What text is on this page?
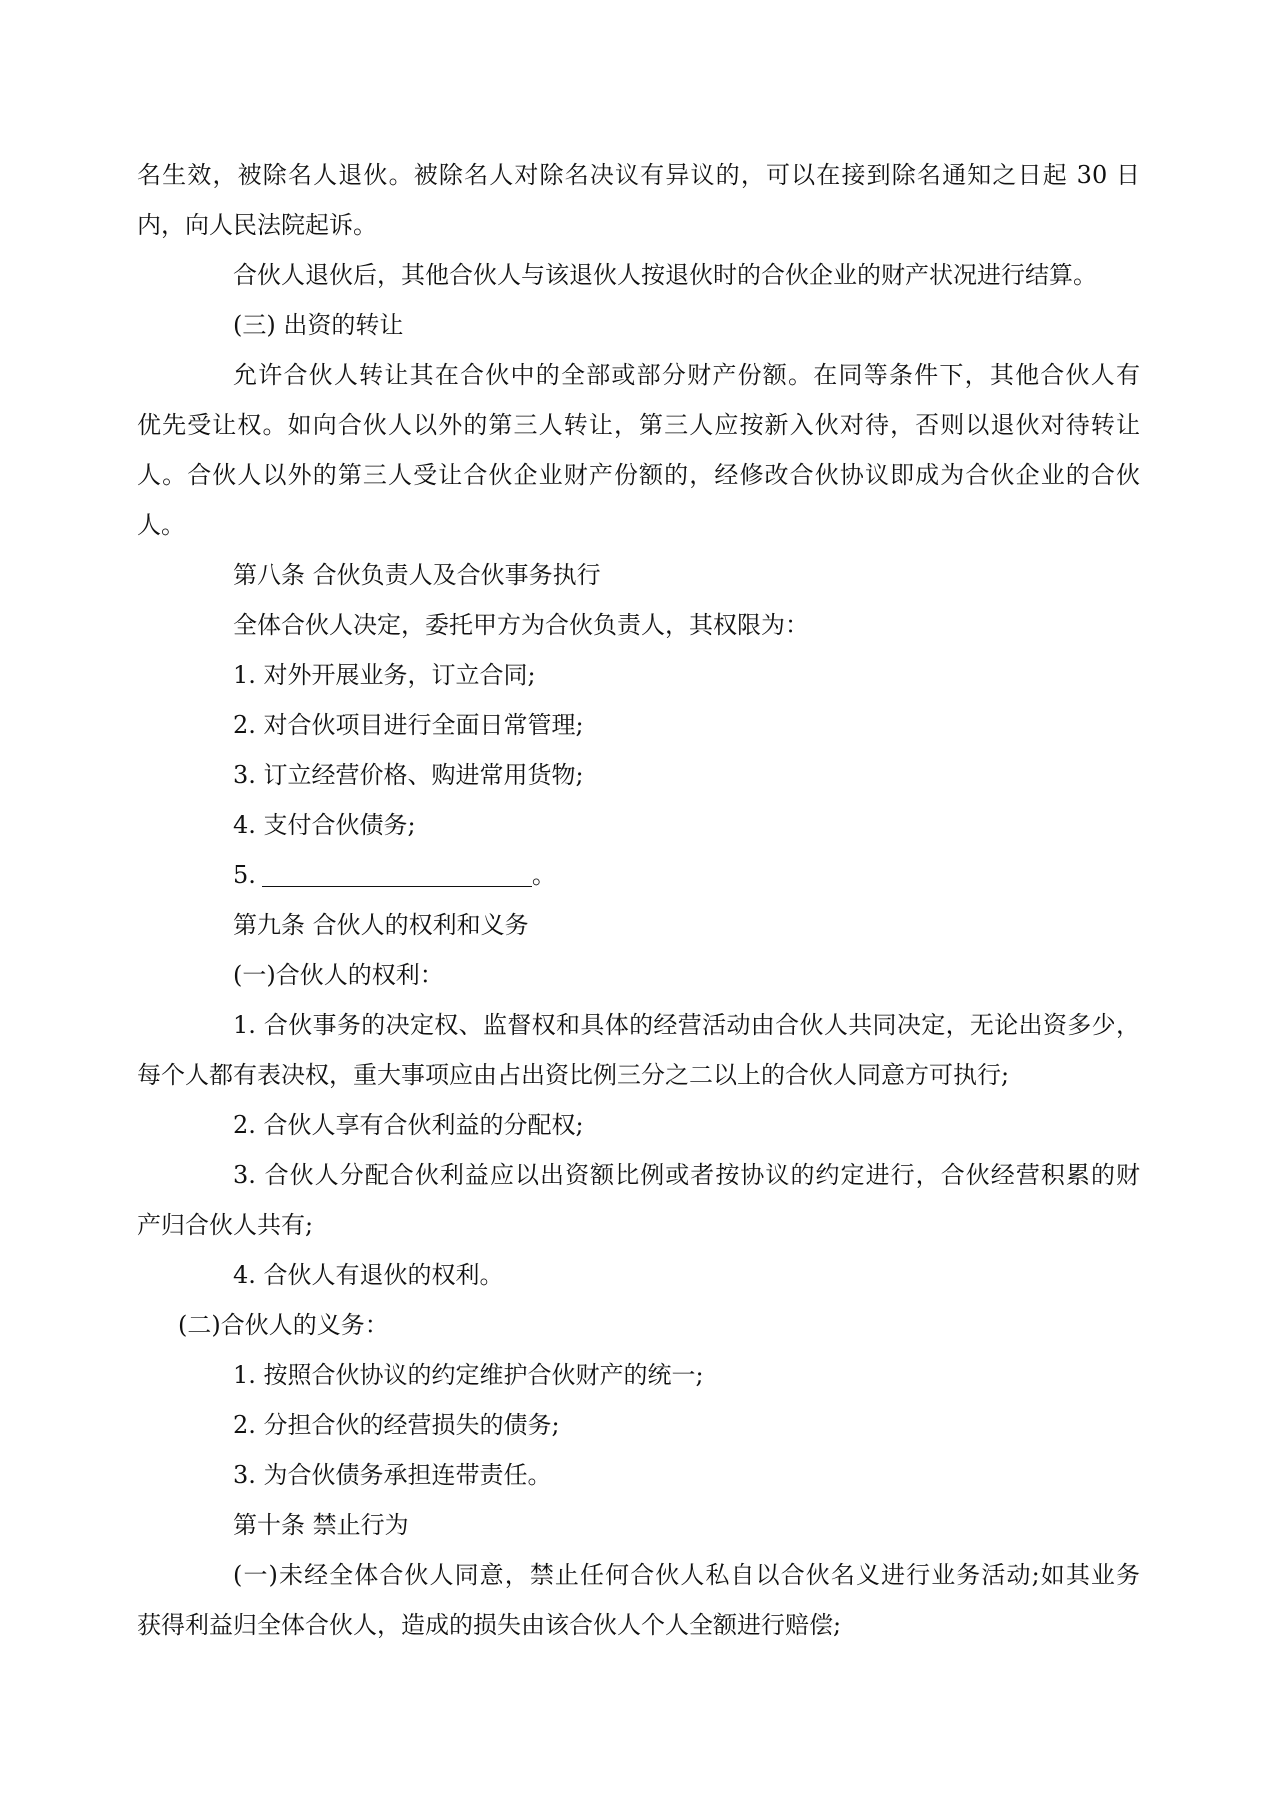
名生效，被除名人退伙。被除名人对除名决议有异议的，可以在接到除名通知之日起 30 日
内，向人民法院起诉。
合伙人退伙后，其他合伙人与该退伙人按退伙时的合伙企业的财产状况进行结算。
(三) 出资的转让
允许合伙人转让其在合伙中的全部或部分财产份额。在同等条件下，其他合伙人有
优先受让权。如向合伙人以外的第三人转让，第三人应按新入伙对待，否则以退伙对待转让
人。合伙人以外的第三人受让合伙企业财产份额的，经修改合伙协议即成为合伙企业的合伙
人。
第八条 合伙负责人及合伙事务执行
全体合伙人决定，委托甲方为合伙负责人，其权限为：
1. 对外开展业务，订立合同;
2. 对合伙项目进行全面日常管理;
3. 订立经营价格、购进常用货物;
4. 支付合伙债务;
5.	。
第九条 合伙人的权利和义务
(一)合伙人的权利：
1. 合伙事务的决定权、监督权和具体的经营活动由合伙人共同决定，无论出资多少，
每个人都有表决权，重大事项应由占出资比例三分之二以上的合伙人同意方可执行;
2. 合伙人享有合伙利益的分配权;
3. 合伙人分配合伙利益应以出资额比例或者按协议的约定进行，合伙经营积累的财
产归合伙人共有;
4. 合伙人有退伙的权利。
(二)合伙人的义务：
1. 按照合伙协议的约定维护合伙财产的统一;
2. 分担合伙的经营损失的债务;
3. 为合伙债务承担连带责任。
第十条 禁止行为
(一)未经全体合伙人同意，禁止任何合伙人私自以合伙名义进行业务活动;如其业务
获得利益归全体合伙人，造成的损失由该合伙人个人全额进行赔偿;
